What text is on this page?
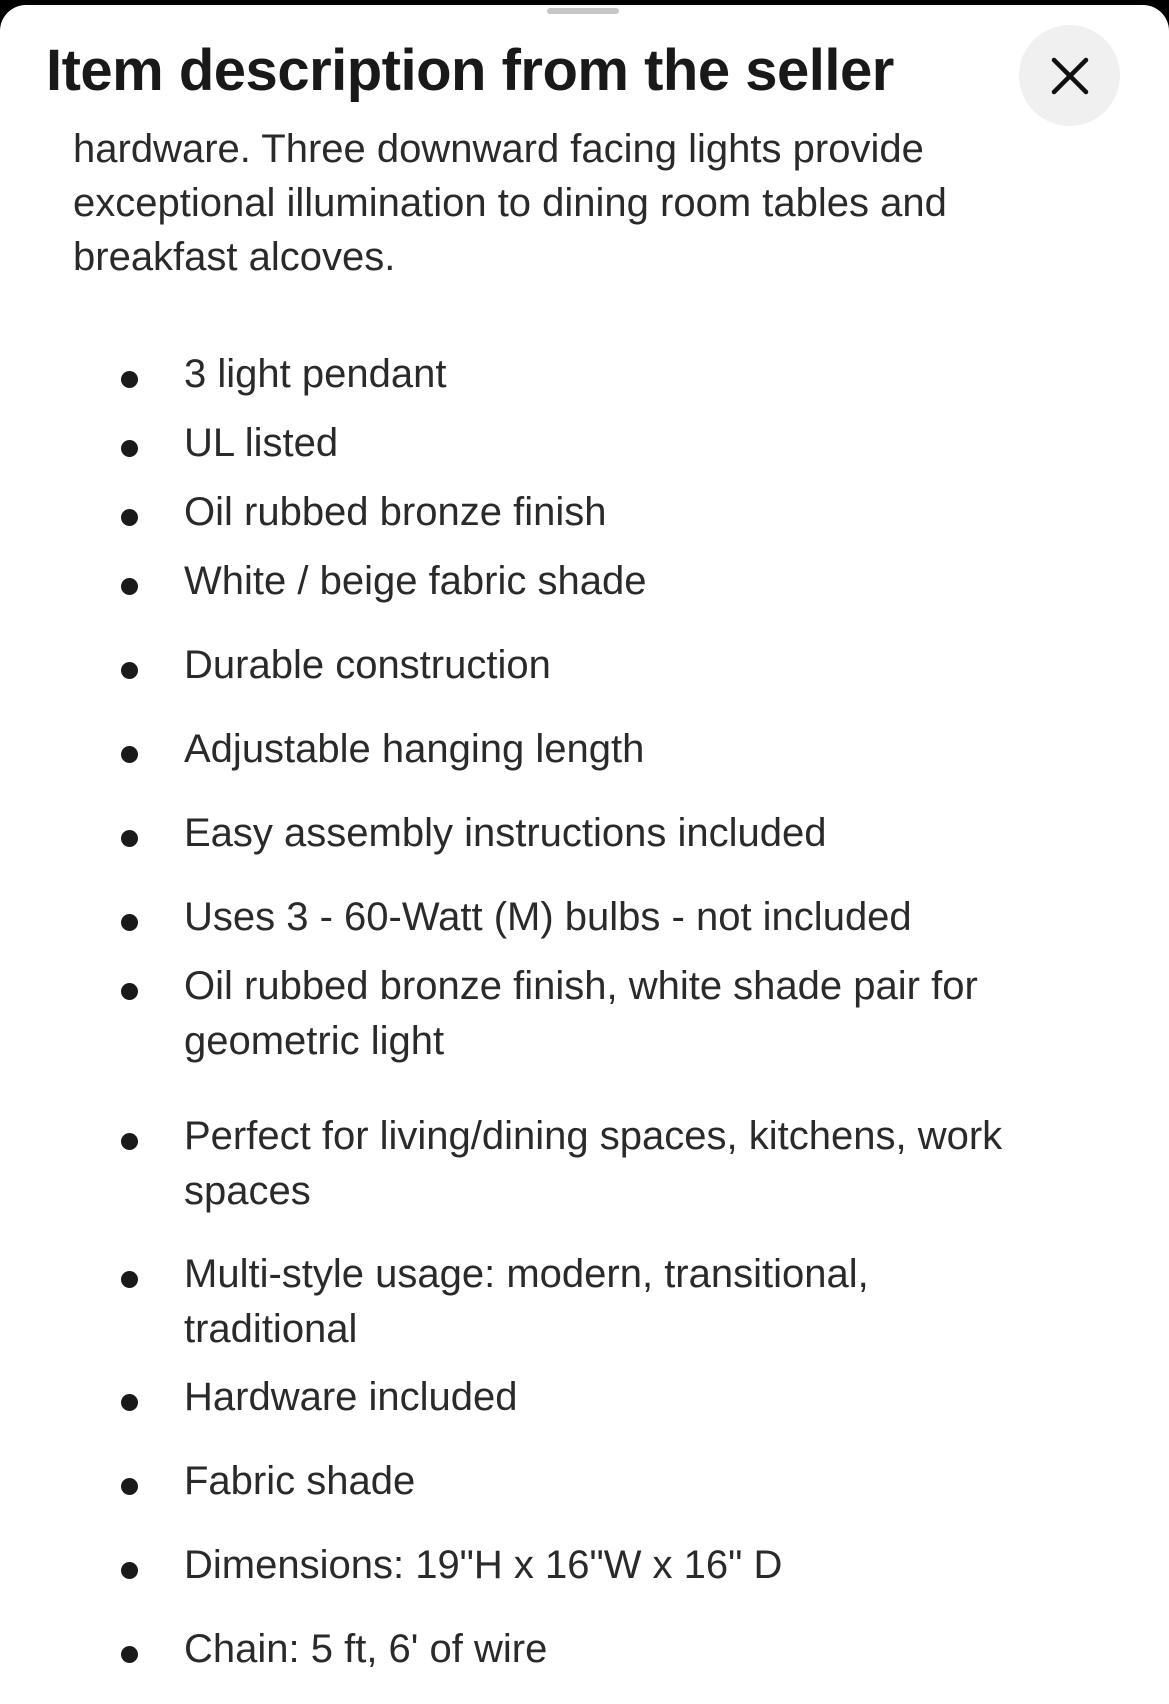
Item description from the seller

hardware. Three downward facing lights provide exceptional illumination to dining room tables and breakfast alcoves.

3 light pendant
UL listed
Oil rubbed bronze finish
White / beige fabric shade
Durable construction
Adjustable hanging length
Easy assembly instructions included
Uses 3 - 60-Watt (M) bulbs - not included
Oil rubbed bronze finish, white shade pair for geometric light
Perfect for living/dining spaces, kitchens, work spaces
Multi-style usage: modern, transitional, traditional
Hardware included
Fabric shade
Dimensions: 19"H x 16"W x 16" D
Chain: 5 ft, 6' of wire
